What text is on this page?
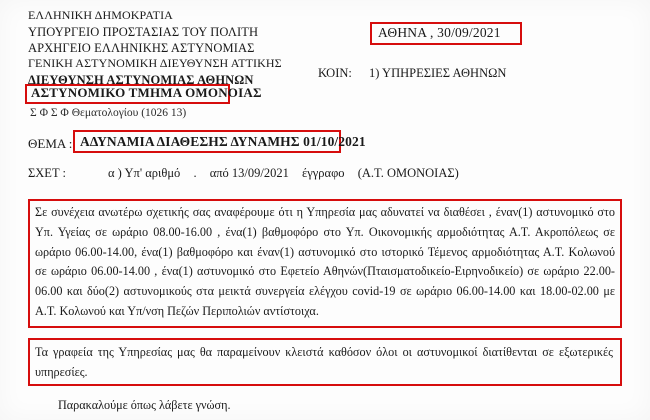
ΕΛΛΗΝΙΚΗ ΔΗΜΟΚΡΑΤΙΑ
ΥΠΟΥΡΓΕΙΟ ΠΡΟΣΤΑΣΙΑΣ ΤΟΥ ΠΟΛΙΤΗ
ΑΡΧΗΓΕΙΟ ΕΛΛΗΝΙΚΗΣ ΑΣΤΥΝΟΜΙΑΣ
ΓΕΝΙΚΗ ΑΣΤΥΝΟΜΙΚΗ ΔΙΕΥΘΥΝΣΗ ΑΤΤΙΚΗΣ
ΔΙΕΥΘΥΝΣΗ ΑΣΤΥΝΟΜΙΑΣ ΑΘΗΝΩΝ
ΑΣΤΥΝΟΜΙΚΟ ΤΜΗΜΑ ΟΜΟΝΟΙΑΣ
Σ Φ Σ Φ Θεματολογίου (1026 13)
ΑΘΗΝΑ , 30/09/2021
ΚΟΙΝ: 1) ΥΠΗΡΕΣΙΕΣ ΑΘΗΝΩΝ
ΘΕΜΑ : ΑΔΥΝΑΜΙΑ ΔΙΑΘΕΣΗΣ ΔΥΝΑΜΗΣ 01/10/2021
ΣΧΕΤ :	α ) Υπ' αριθμό . από 13/09/2021 έγγραφο (Α.Τ. ΟΜΟΝΟΙΑΣ)
Σε συνέχεια ανωτέρω σχετικής σας αναφέρουμε ότι η Υπηρεσία μας αδυνατεί να διαθέσει , έναν(1) αστυνομικό στο Υπ. Υγείας σε ωράριο 08.00-16.00 , ένα(1) βαθμοφόρο στο Υπ. Οικονομικής αρμοδιότητας Α.Τ. Ακροπόλεως σε ωράριο 06.00-14.00, ένα(1) βαθμοφόρο και έναν(1) αστυνομικό στο ιστορικό Τέμενος αρμοδιότητας Α.Τ. Κολωνού σε ωράριο 06.00-14.00 , ένα(1) αστυνομικό στο Εφετείο Αθηνών(Πταισματοδικείο-Ειρηνοδικείο) σε ωράριο 22.00-06.00 και δύο(2) αστυνομικούς στα μεικτά συνεργεία ελέγχου covid-19 σε ωράριο 06.00-14.00 και 18.00-02.00 με Α.Τ. Κολωνού και Υπ/νση Πεζών Περιπολιών αντίστοιχα.
Τα γραφεία της Υπηρεσίας μας θα παραμείνουν κλειστά καθόσον όλοι οι αστυνομικοί διατίθενται σε εξωτερικές υπηρεσίες.
Παρακαλούμε όπως λάβετε γνώση.
